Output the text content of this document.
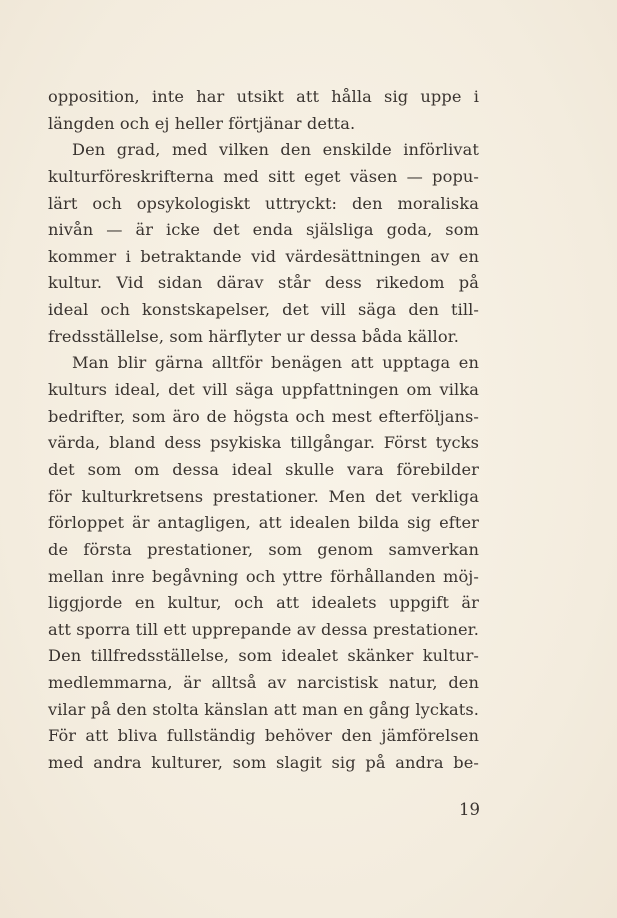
opposition, inte har utsikt att hålla sig uppe i
längden och ej heller förtjänar detta.
Den grad, med vilken den enskilde införlivat
kulturföreskrifterna med sitt eget väsen — popu-
lärt och opsykologiskt uttryckt: den moraliska
nivån — är icke det enda själsliga goda, som
kommer i betraktande vid värdesättningen av en
kultur. Vid sidan därav står dess rikedom på
ideal och konstskapelser, det vill säga den till-
fredsställelse, som härflyter ur dessa båda källor.
Man blir gärna alltför benägen att upptaga en
kulturs ideal, det vill säga uppfattningen om vilka
bedrifter, som äro de högsta och mest efterföljans-
värda, bland dess psykiska tillgångar. Först tycks
det som om dessa ideal skulle vara förebilder
för kulturkretsens prestationer. Men det verkliga
förloppet är antagligen, att idealen bilda sig efter
de första prestationer, som genom samverkan
mellan inre begåvning och yttre förhållanden möj-
liggjorde en kultur, och att idealets uppgift är
att sporra till ett upprepande av dessa prestationer.
Den tillfredsställelse, som idealet skänker kultur-
medlemmarna, är alltså av narcistisk natur, den
vilar på den stolta känslan att man en gång lyckats.
För att bliva fullständig behöver den jämförelsen
med andra kulturer, som slagit sig på andra be-
19
